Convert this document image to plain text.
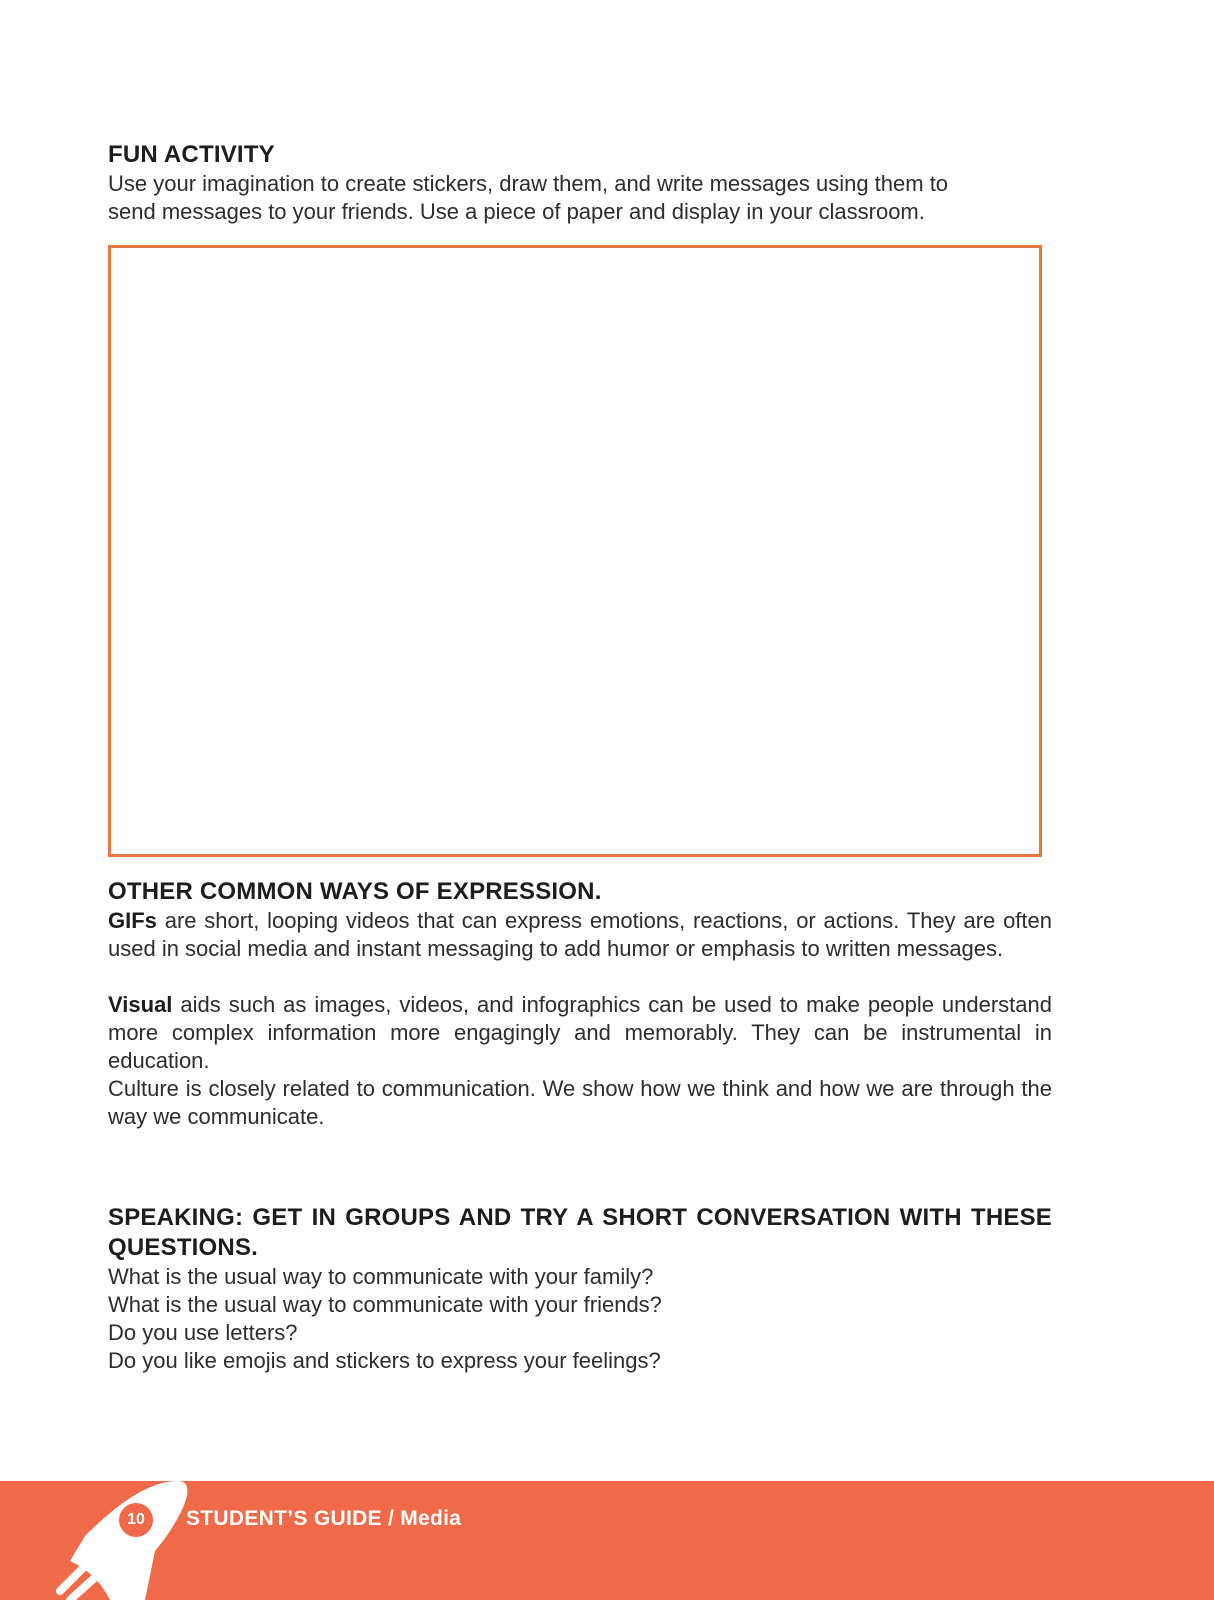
FUN ACTIVITY

Use your imagination to create stickers, draw them, and write messages using them to

send messages to your friends. Use a piece of paper and display in your classroom.

OTHER COMMON WAYS OF EXPRESSION.

GIFs are short, looping videos that can express emotions, reactions, or actions. They are often used in social media and instant messaging to add humor or emphasis to written messages.

Visual aids such as images, videos, and infographics can be used to make people understand more complex information more engagingly and memorably. They can be instrumental in education.

Culture is closely related to communication. We show how we think and how we are through the way we communicate.

SPEAKING: GET IN GROUPS AND TRY A SHORT CONVERSATION WITH THESE QUESTIONS.

What is the usual way to communicate with your family?

What is the usual way to communicate with your friends?

Do you use letters?

Do you like emojis and stickers to express your feelings?

10	STUDENT’S GUIDE / Media
